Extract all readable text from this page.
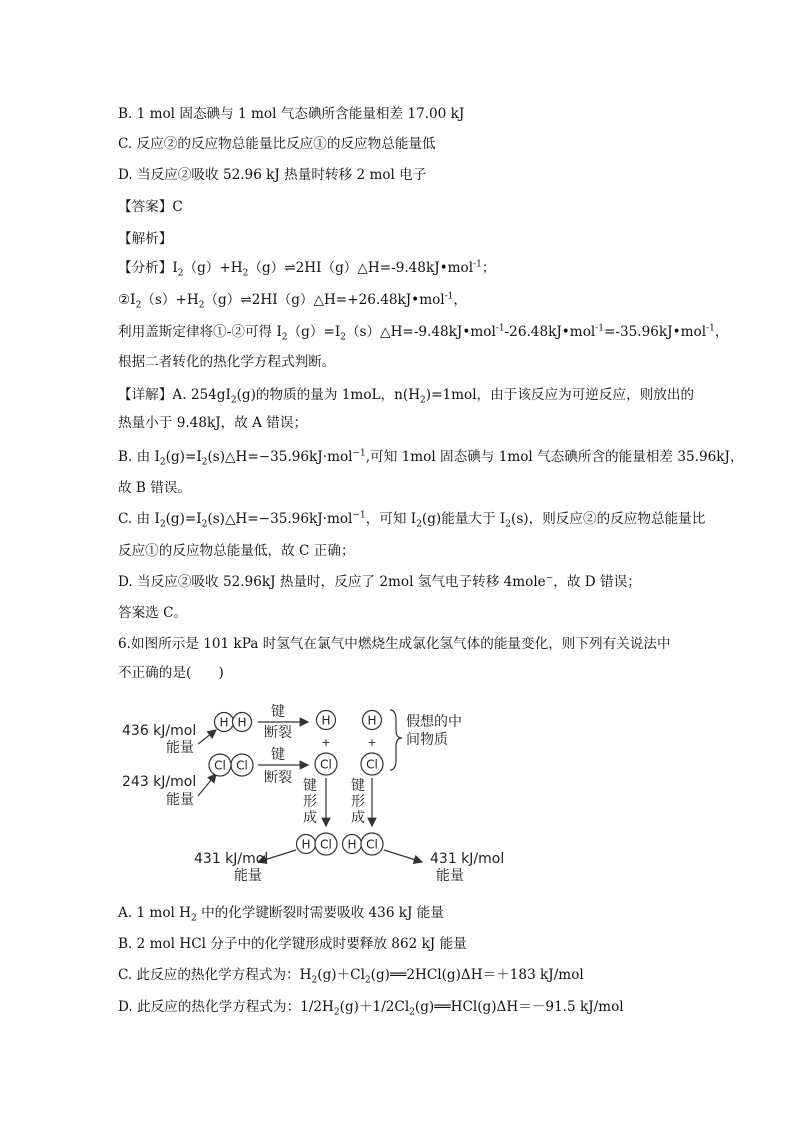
B. 1 mol 固态碘与 1 mol 气态碘所含能量相差 17.00 kJ
C. 反应②的反应物总能量比反应①的反应物总能量低
D. 当反应②吸收 52.96 kJ 热量时转移 2 mol 电子
【答案】C
【解析】
【分析】$I_2(g)+H_2(g)\rightleftharpoons 2HI(g)\triangle H=-9.48kJ•mol^{-1}$；
$②I_2(s)+H_2(g)\rightleftharpoons 2HI(g)\triangle H=+26.48kJ•mol^{-1}$，
利用盖斯定律将①-②可得 $I_2(g)=I_2(s)\triangle H=-9.48kJ•mol^{-1}-26.48kJ•mol^{-1}=-35.96kJ•mol^{-1}$，
根据二者转化的热化学方程式判断。
【详解】A. $254gI_2(g)$的物质的量为 1moL，$n(H_2)=1mol$，由于该反应为可逆反应，则放出的
热量小于 9.48kJ，故 A 错误；
B. 由 $I_2(g)=I_2(s)\triangle H=-35.96kJ\cdot mol^{-1}$,可知 1mol 固态碘与 1mol 气态碘所含的能量相差 35.96kJ，
故 B 错误。
C. 由 $I_2(g)=I_2(s)\triangle H=-35.96kJ\cdot mol^{-1}$，可知 $I_2(g)$能量大于 $I_2(s)$，则反应②的反应物总能量比
反应①的反应物总能量低，故 C 正确；
D. 当反应②吸收 52.96kJ 热量时，反应了 2mol 氢气电子转移 4mole−，故 D 错误；
答案选 C。
6.如图所示是 101 kPa 时氢气在氯气中燃烧生成氯化氢气体的能量变化，则下列有关说法中
不正确的是(　　)
A. 1 mol $H_2$ 中的化学键断裂时需要吸收 436 kJ 能量
B. 2 mol HCl 分子中的化学键形成时要释放 862 kJ 能量
C. 此反应的热化学方程式为：$H_2(g)+Cl_2(g)══2HCl(g)\Delta H=+183$ kJ/mol
D. 此反应的热化学方程式为：$1/2H_2(g)+1/2Cl_2(g)══HCl(g)\Delta H=-91.5$ kJ/mol
436 kJ/mol
能量
243 kJ/mol
能量
H H
Cl Cl
键
断裂
键
断裂
H
+
Cl
H
+
Cl
假想的中
间物质
键
形
成
键
形
成
H Cl H Cl
431 kJ/mol
能量
431 kJ/mol
能量
